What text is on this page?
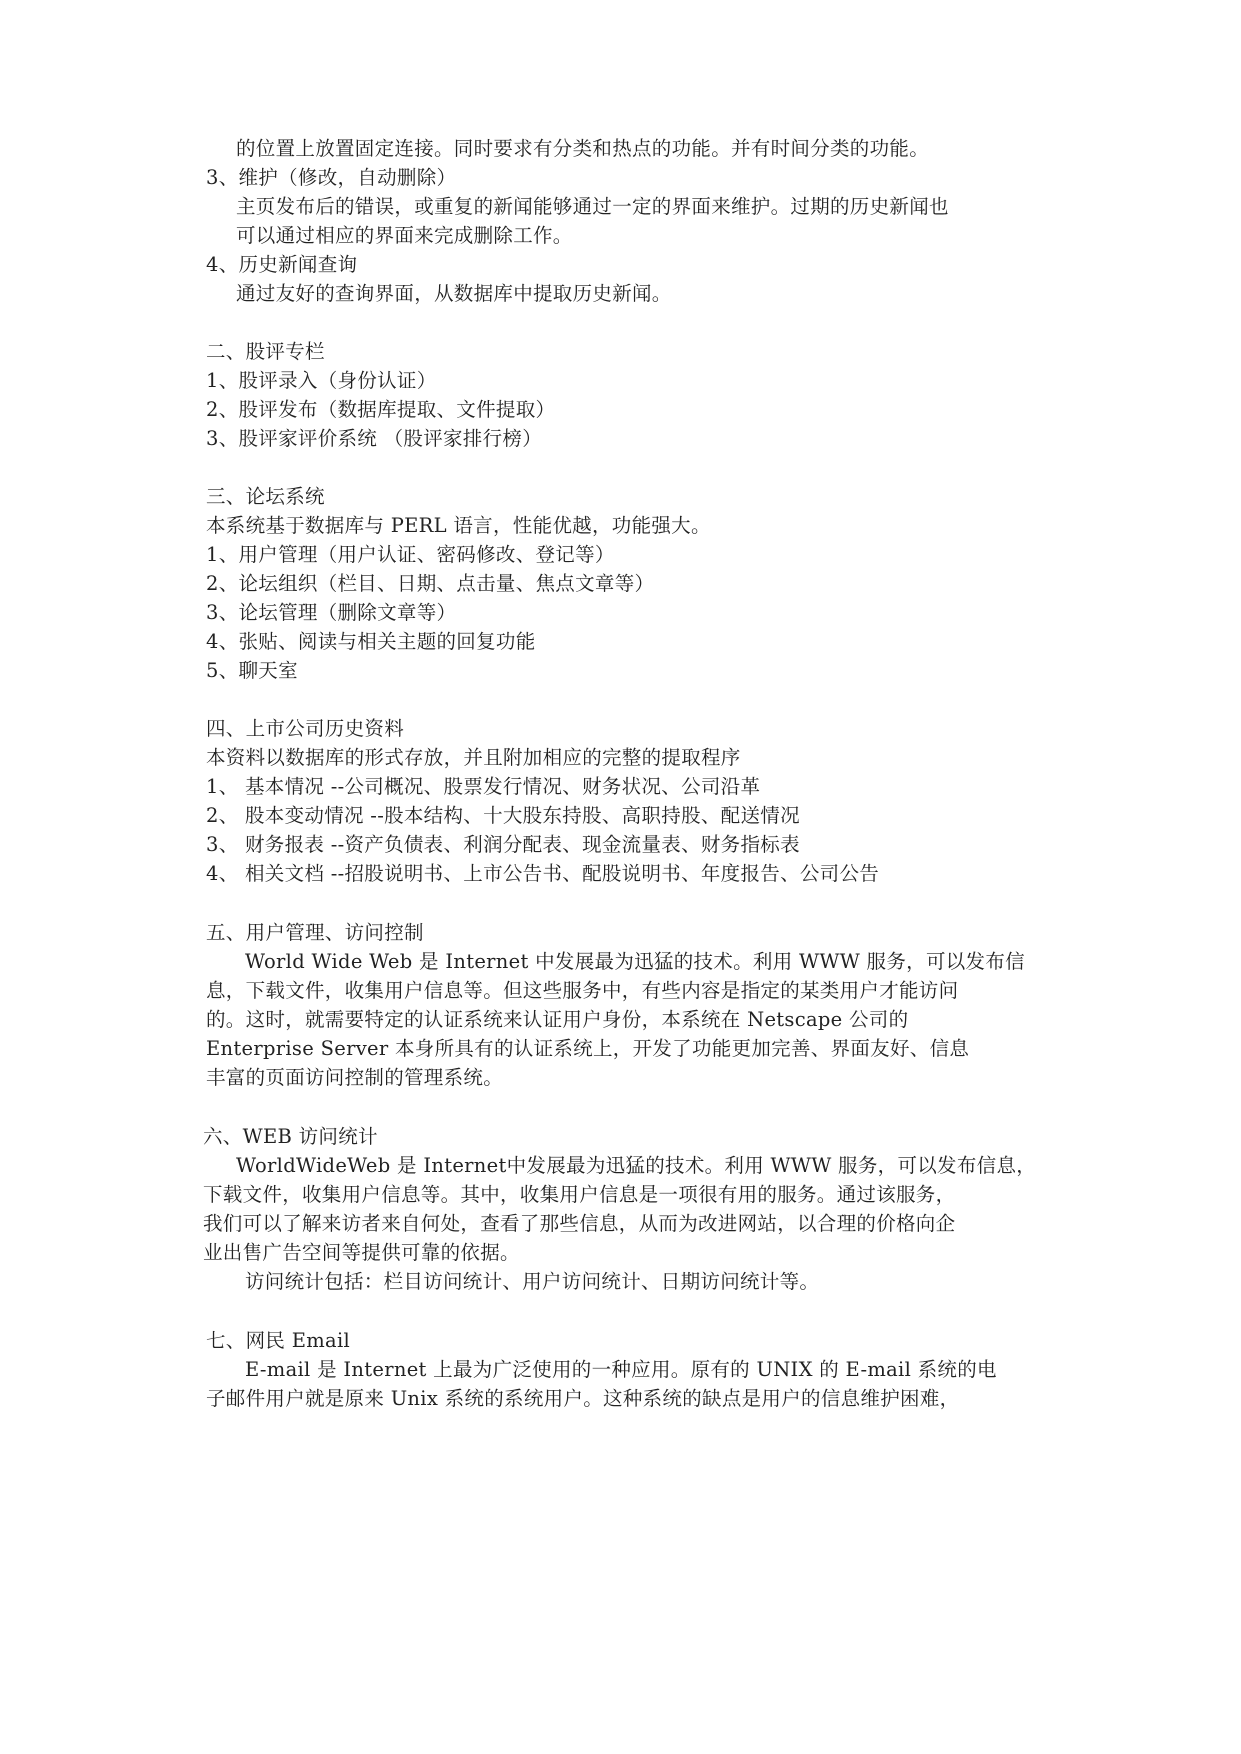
的位置上放置固定连接。同时要求有分类和热点的功能。并有时间分类的功能。
3、维护（修改，自动删除）
主页发布后的错误，或重复的新闻能够通过一定的界面来维护。过期的历史新闻也
可以通过相应的界面来完成删除工作。
4、历史新闻查询
通过友好的查询界面，从数据库中提取历史新闻。
二、股评专栏
1、股评录入（身份认证）
2、股评发布（数据库提取、文件提取）
3、股评家评价系统 （股评家排行榜）
三、论坛系统
本系统基于数据库与 PERL 语言，性能优越，功能强大。
1、用户管理（用户认证、密码修改、登记等）
2、论坛组织（栏目、日期、点击量、焦点文章等）
3、论坛管理（删除文章等）
4、张贴、阅读与相关主题的回复功能
5、聊天室
四、上市公司历史资料
本资料以数据库的形式存放，并且附加相应的完整的提取程序
1、 基本情况 --公司概况、股票发行情况、财务状况、公司沿革
2、 股本变动情况 --股本结构、十大股东持股、高职持股、配送情况
3、 财务报表 --资产负债表、利润分配表、现金流量表、财务指标表
4、 相关文档 --招股说明书、上市公告书、配股说明书、年度报告、公司公告
五、用户管理、访问控制
World Wide Web 是 Internet 中发展最为迅猛的技术。利用 WWW 服务，可以发布信
息，下载文件，收集用户信息等。但这些服务中，有些内容是指定的某类用户才能访问
的。这时，就需要特定的认证系统来认证用户身份，本系统在 Netscape 公司的
Enterprise Server 本身所具有的认证系统上，开发了功能更加完善、界面友好、信息
丰富的页面访问控制的管理系统。
六、WEB 访问统计
WorldWideWeb 是 Internet中发展最为迅猛的技术。利用 WWW 服务，可以发布信息，
下载文件，收集用户信息等。其中，收集用户信息是一项很有用的服务。通过该服务，
我们可以了解来访者来自何处，查看了那些信息，从而为改进网站，以合理的价格向企
业出售广告空间等提供可靠的依据。
访问统计包括：栏目访问统计、用户访问统计、日期访问统计等。
七、网民 Email
E-mail 是 Internet 上最为广泛使用的一种应用。原有的 UNIX 的 E-mail 系统的电
子邮件用户就是原来 Unix 系统的系统用户。这种系统的缺点是用户的信息维护困难，
